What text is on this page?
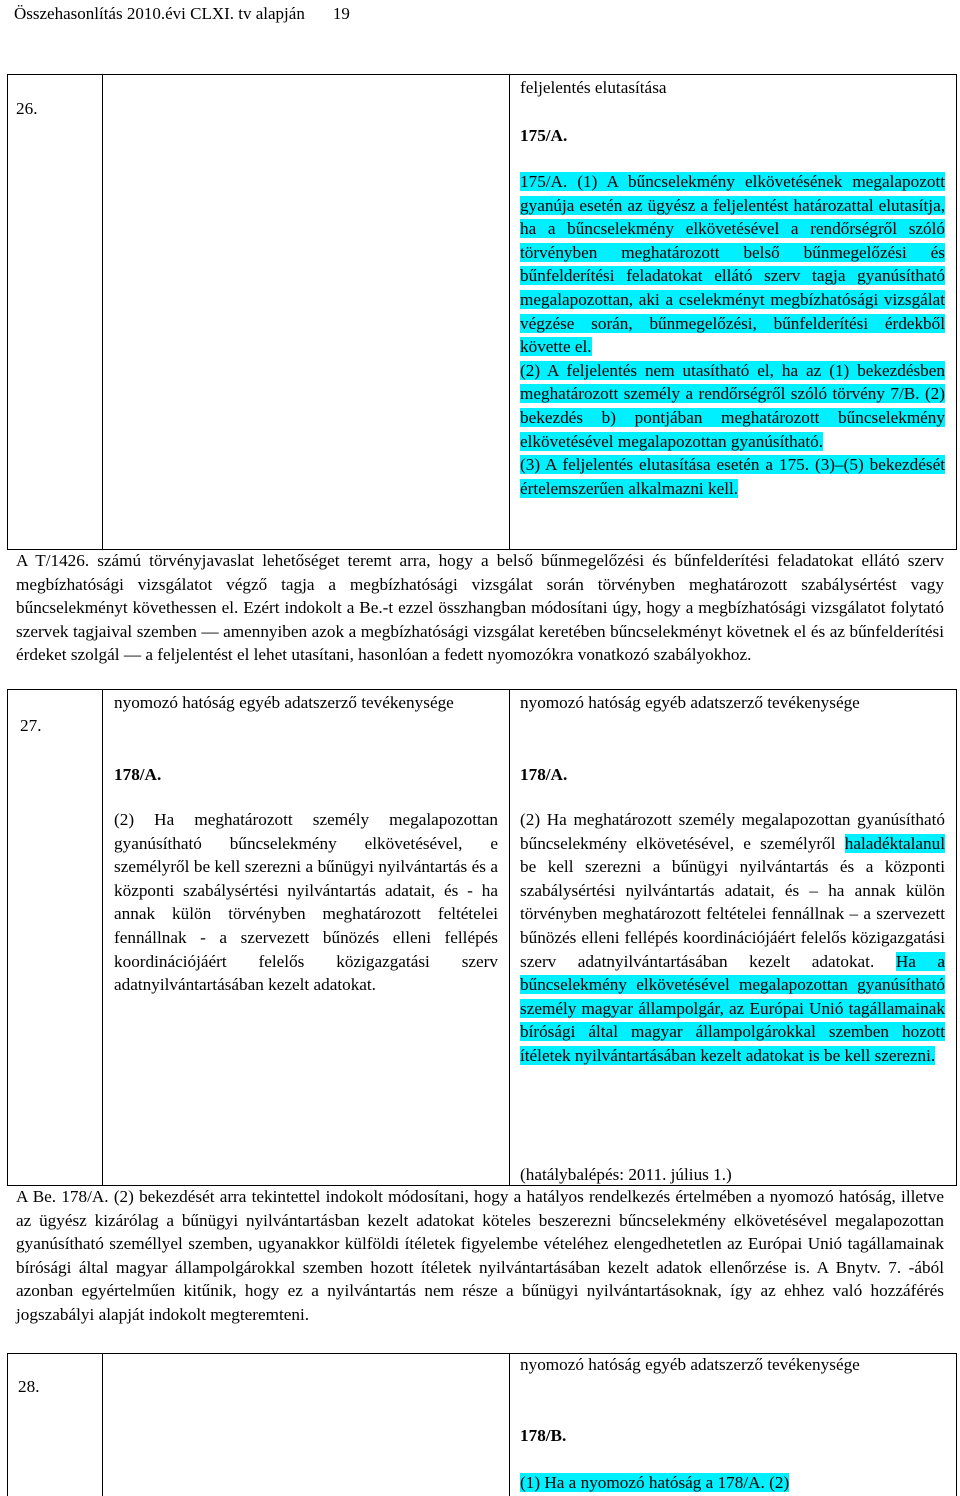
Összehasonlítás 2010.évi CLXI. tv alapján 19
26.
feljelentés elutasítása
175/A.

175/A. (1) A bűncselekmény elkövetésének megalapozott gyanúja esetén az ügyész a feljelentést határozattal elutasítja, ha a bűncselekmény elkövetésével a rendőrségről szóló törvényben meghatározott belső bűnmegelőzési és bűnfelderítési feladatokat ellátó szerv tagja gyanúsítható megalapozottan, aki a cselekményt megbízhatósági vizsgálat végzése során, bűnmegelőzési, bűnfelderítési érdekből követte el.

(2) A feljelentés nem utasítható el, ha az (1) bekezdésben meghatározott személy a rendőrségről szóló törvény 7/B. (2) bekezdés b) pontjában meghatározott bűncselekmény elkövetésével megalapozottan gyanúsítható.

(3) A feljelentés elutasítása esetén a 175. (3)–(5) bekezdését értelemszerűen alkalmazni kell.

A T/1426. számú törvényjavaslat lehetőséget teremt arra, hogy a belső bűnmegelőzési és bűnfelderítési feladatokat ellátó szerv megbízhatósági vizsgálatot végző tagja a megbízhatósági vizsgálat során törvényben meghatározott szabálysértést vagy bűncselekményt követhessen el. Ezért indokolt a Be.-t ezzel összhangban módosítani úgy, hogy a megbízhatósági vizsgálatot folytató szervek tagjaival szemben — amennyiben azok a megbízhatósági vizsgálat keretében bűncselekményt követnek el és az bűnfelderítési érdeket szolgál — a feljelentést el lehet utasítani, hasonlóan a fedett nyomozókra vonatkozó szabályokhoz.
27.
nyomozó hatóság egyéb adatszerző tevékenysége
178/A.
(2) Ha meghatározott személy megalapozottan gyanúsítható bűncselekmény elkövetésével, e személyről be kell szerezni a bűnügyi nyilvántartás és a központi szabálysértési nyilvántartás adatait, és - ha annak külön törvényben meghatározott feltételei fennállnak - a szervezett bűnözés elleni fellépés koordinációjáért felelős közigazgatási szerv adatnyilvántartásában kezelt adatokat.
nyomozó hatóság egyéb adatszerző tevékenysége
178/A.
(2) Ha meghatározott személy megalapozottan gyanúsítható bűncselekmény elkövetésével, e személyről haladéktalanul be kell szerezni a bűnügyi nyilvántartás és a központi szabálysértési nyilvántartás adatait, és – ha annak külön törvényben meghatározott feltételei fennállnak – a szervezett bűnözés elleni fellépés koordinációjáért felelős közigazgatási szerv adatnyilvántartásában kezelt adatokat. Ha a bűncselekmény elkövetésével megalapozottan gyanúsítható személy magyar állampolgár, az Európai Unió tagállamainak bírósági által magyar állampolgárokkal szemben hozott ítéletek nyilvántartásában kezelt adatokat is be kell szerezni.
(hatálybalépés: 2011. július 1.)
A Be. 178/A. (2) bekezdését arra tekintettel indokolt módosítani, hogy a hatályos rendelkezés értelmében a nyomozó hatóság, illetve az ügyész kizárólag a bűnügyi nyilvántartásban kezelt adatokat köteles beszerezni bűncselekmény elkövetésével megalapozottan gyanúsítható személlyel szemben, ugyanakkor külföldi ítéletek figyelembe vételéhez elengedhetetlen az Európai Unió tagállamainak bírósági által magyar állampolgárokkal szemben hozott ítéletek nyilvántartásában kezelt adatok ellenőrzése is. A Bnytv. 7. -ából azonban egyértelműen kitűnik, hogy ez a nyilvántartás nem része a bűnügyi nyilvántartásoknak, így az ehhez való hozzáférés jogszabályi alapját indokolt megteremteni.
28.
nyomozó hatóság egyéb adatszerző tevékenysége
178/B.
(1) Ha a nyomozó hatóság a 178/A. (2)
